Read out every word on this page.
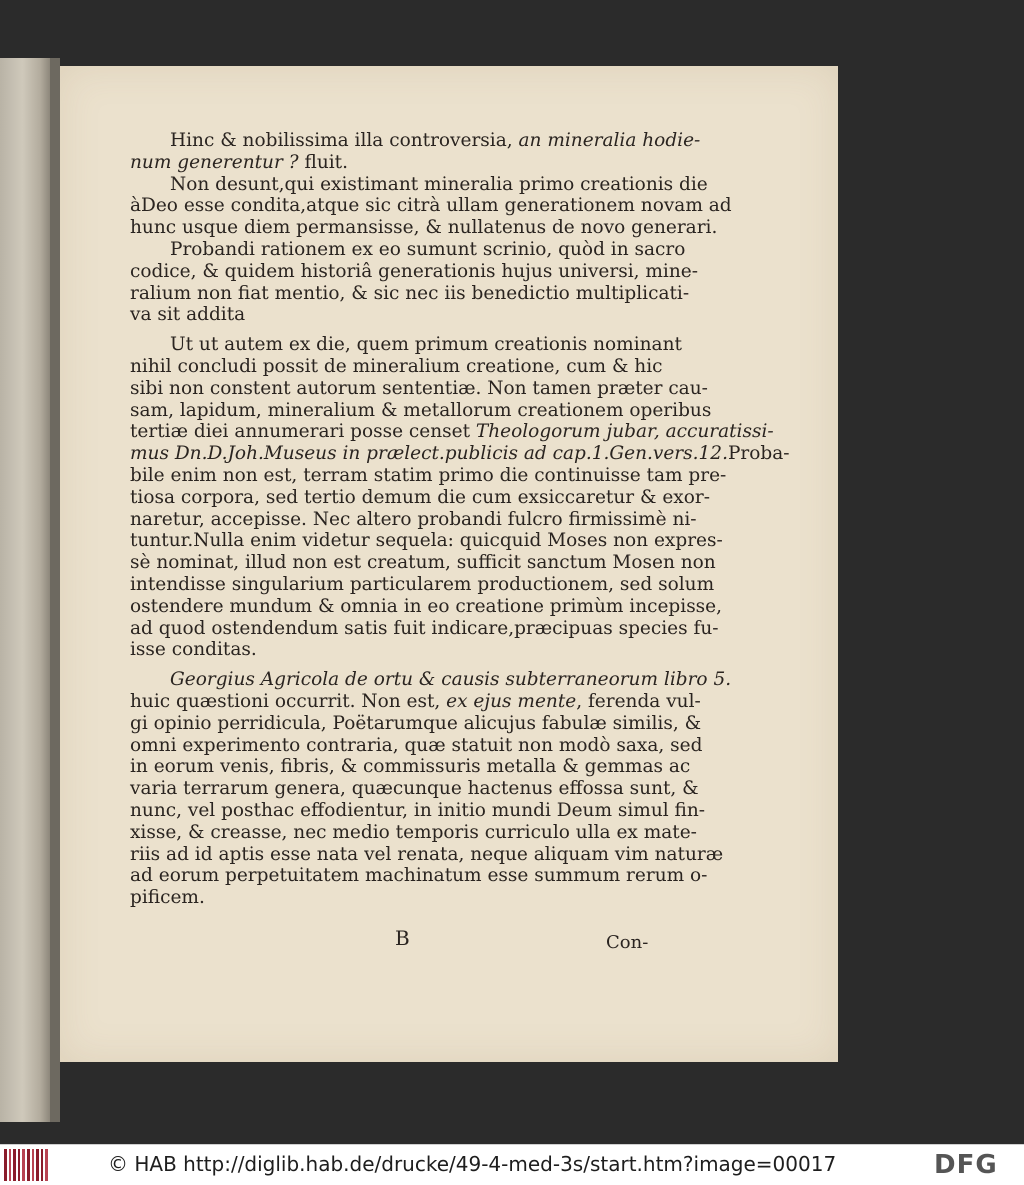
Hinc & nobilissima illa controversia, an mineralia hodie-

num generentur ? fluit.

Non desunt,qui existimant mineralia primo creationis die

àDeo esse condita,atque sic citrà ullam generationem novam ad

hunc usque diem permansisse, & nullatenus de novo generari.

Probandi rationem ex eo sumunt scrinio, quòd in sacro

codice, & quidem historiâ generationis hujus universi, mine-

ralium non fiat mentio, & sic nec iis benedictio multiplicati-

va sit addita

Ut ut autem ex die, quem primum creationis nominant

nihil concludi possit de mineralium creatione, cum & hic

sibi non constent autorum sententiæ. Non tamen præter cau-

sam, lapidum, mineralium & metallorum creationem operibus

tertiæ diei annumerari posse censet Theologorum jubar, accuratissi-

mus Dn.D.Joh.Museus in prælect.publicis ad cap.1.Gen.vers.12.Proba-

bile enim non est, terram statim primo die continuisse tam pre-

tiosa corpora, sed tertio demum die cum exsiccaretur & exor-

naretur, accepisse. Nec altero probandi fulcro firmissimè ni-

tuntur.Nulla enim videtur sequela: quicquid Moses non expres-

sè nominat, illud non est creatum, sufficit sanctum Mosen non

intendisse singularium particularem productionem, sed solum

ostendere mundum & omnia in eo creatione primùm incepisse,

ad quod ostendendum satis fuit indicare,præcipuas species fu-

isse conditas.

Georgius Agricola de ortu & causis subterraneorum libro 5.

huic quæstioni occurrit. Non est, ex ejus mente, ferenda vul-

gi opinio perridicula, Poëtarumque alicujus fabulæ similis, &

omni experimento contraria, quæ statuit non modò saxa, sed

in eorum venis, fibris, & commissuris metalla & gemmas ac

varia terrarum genera, quæcunque hactenus effossa sunt, &

nunc, vel posthac effodientur, in initio mundi Deum simul fin-

xisse, & creasse, nec medio temporis curriculo ulla ex mate-

riis ad id aptis esse nata vel renata, neque aliquam vim naturæ

ad eorum perpetuitatem machinatum esse summum rerum o-

pificem.

B	Con-
© HAB http://diglib.hab.de/drucke/49-4-med-3s/start.htm?image=00017	DFG
